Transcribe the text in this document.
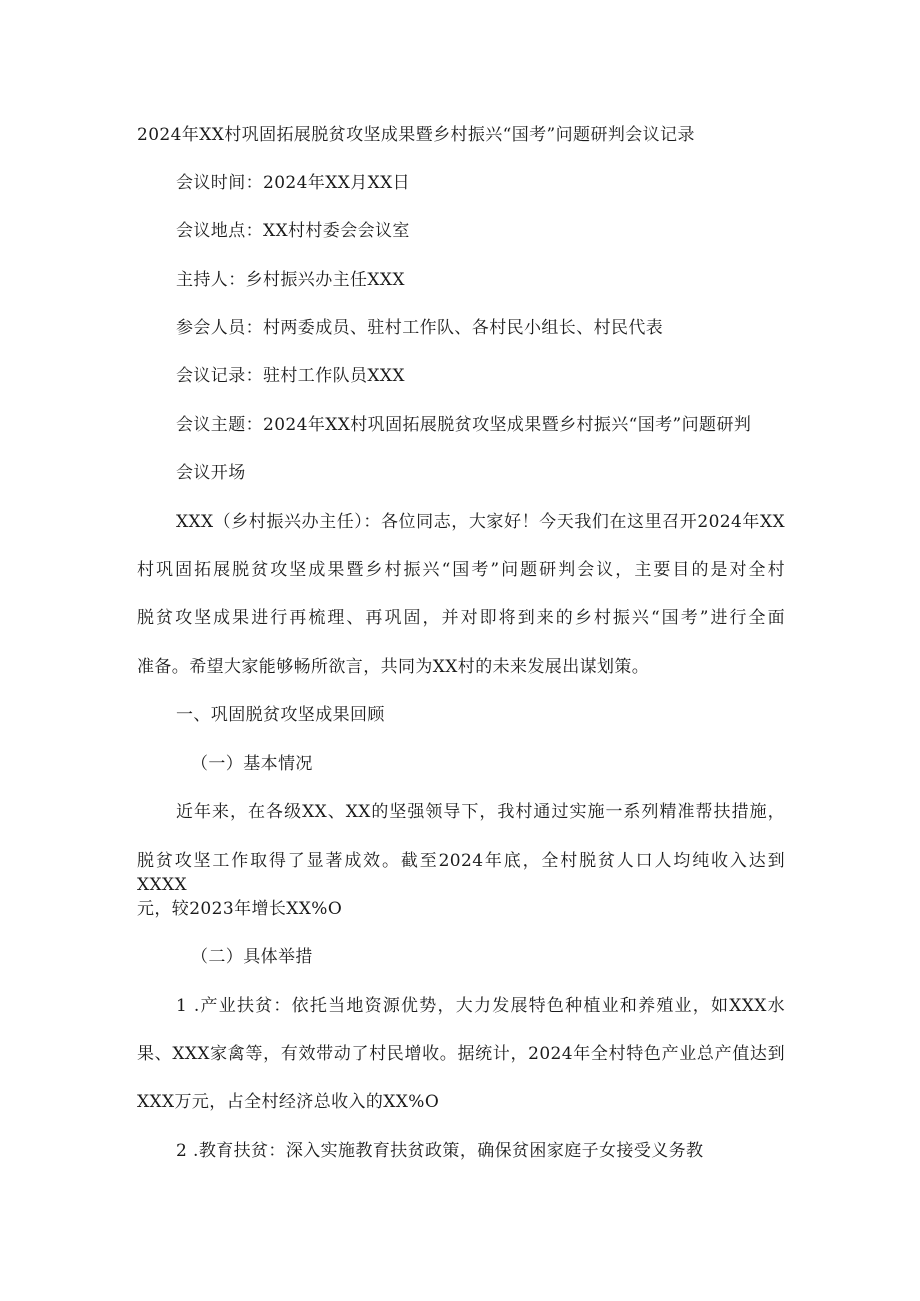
2024年XX村巩固拓展脱贫攻坚成果暨乡村振兴“国考”问题研判会议记录
会议时间：2024年XX月XX日
会议地点：XX村村委会会议室
主持人：乡村振兴办主任XXX
参会人员：村两委成员、驻村工作队、各村民小组长、村民代表
会议记录：驻村工作队员XXX
会议主题：2024年XX村巩固拓展脱贫攻坚成果暨乡村振兴“国考”问题研判
会议开场
XXX（乡村振兴办主任）：各位同志，大家好！今天我们在这里召开2024年XX
村巩固拓展脱贫攻坚成果暨乡村振兴“国考”问题研判会议，主要目的是对全村
脱贫攻坚成果进行再梳理、再巩固，并对即将到来的乡村振兴“国考”进行全面
准备。希望大家能够畅所欲言，共同为XX村的未来发展出谋划策。
一、巩固脱贫攻坚成果回顾
（一）基本情况
近年来，在各级XX、XX的坚强领导下，我村通过实施一系列精准帮扶措施，
脱贫攻坚工作取得了显著成效。截至2024年底，全村脱贫人口人均纯收入达到XXXX
元，较2023年增长XX%O
（二）具体举措
1 .产业扶贫：依托当地资源优势，大力发展特色种植业和养殖业，如XXX水
果、XXX家禽等，有效带动了村民增收。据统计，2024年全村特色产业总产值达到
XXX万元，占全村经济总收入的XX%O
2 .教育扶贫：深入实施教育扶贫政策，确保贫困家庭子女接受义务教
